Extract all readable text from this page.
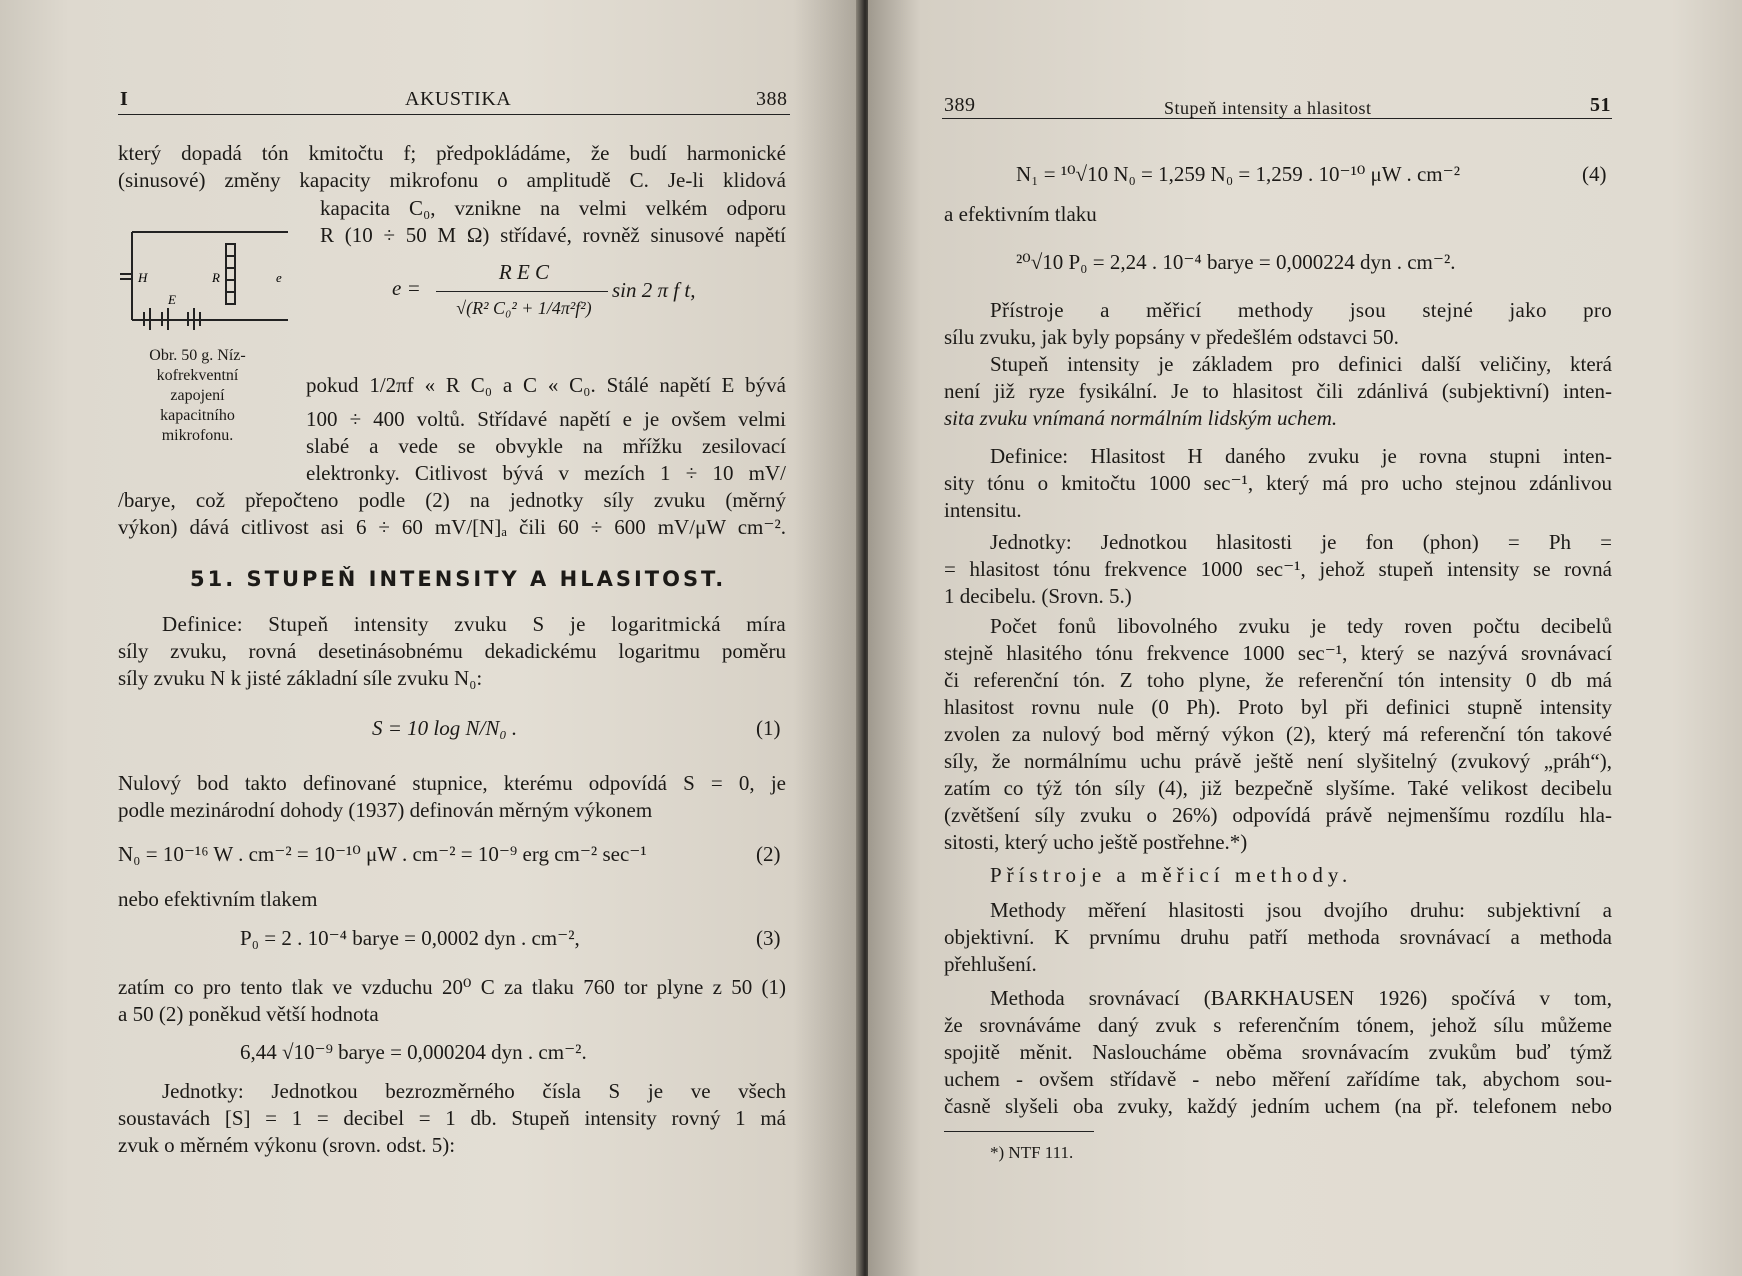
I	AKUSTIKA	388
který dopadá tón kmitočtu f; předpokládáme, že budí harmonické
(sinusové) změny kapacity mikrofonu o amplitudě C. Je-li klidová
kapacita C₀, vznikne na velmi velkém odporu
R (10 ÷ 50 M Ω) střídavé, rovněž sinusové napětí
H	R	e
E
Obr. 50 g. Níz-
kofrekventní
zapojení
kapacitního
mikrofonu.
e =
R E C
√(R² C₀² + 1/4π²f²)
sin 2 π f t,
pokud 1/2πf « R C₀ a C « C₀. Stálé napětí E bývá
100 ÷ 400 voltů. Střídavé napětí e je ovšem velmi
slabé a vede se obvykle na mřížku zesilovací
elektronky. Citlivost bývá v mezích 1 ÷ 10 mV/
/barye, což přepočteno podle (2) na jednotky síly zvuku (měrný
výkon) dává citlivost asi 6 ÷ 60 mV/[N]ₐ čili 60 ÷ 600 mV/μW cm⁻².
51. STUPEŇ INTENSITY A HLASITOST.
Definice: Stupeň intensity zvuku S je logaritmická míra
síly zvuku, rovná desetinásobnému dekadickému logaritmu poměru
síly zvuku N k jisté základní síle zvuku N₀:
S = 10 log N/N₀ .	(1)
Nulový bod takto definované stupnice, kterému odpovídá S = 0, je
podle mezinárodní dohody (1937) definován měrným výkonem
N₀ = 10⁻¹⁶ W . cm⁻² = 10⁻¹⁰ μW . cm⁻² = 10⁻⁹ erg cm⁻² sec⁻¹	(2)
nebo efektivním tlakem
P₀ = 2 . 10⁻⁴ barye = 0,0002 dyn . cm⁻²,	(3)
zatím co pro tento tlak ve vzduchu 20⁰ C za tlaku 760 tor plyne z 50 (1)
a 50 (2) poněkud větší hodnota
6,44 √10⁻⁹ barye = 0,000204 dyn . cm⁻².
Jednotky: Jednotkou bezrozměrného čísla S je ve všech
soustavách [S] = 1 = decibel = 1 db. Stupeň intensity rovný 1 má
zvuk o měrném výkonu (srovn. odst. 5):
389	Stupeň intensity a hlasitost	51
N₁ = ¹⁰√10 N₀ = 1,259 N₀ = 1,259 . 10⁻¹⁰ μW . cm⁻²	(4)
a efektivním tlaku
²⁰√10 P₀ = 2,24 . 10⁻⁴ barye = 0,000224 dyn . cm⁻².
Přístroje a měřicí methody jsou stejné jako pro
sílu zvuku, jak byly popsány v předešlém odstavci 50.
Stupeň intensity je základem pro definici další veličiny, která
není již ryze fysikální. Je to hlasitost čili zdánlivá (subjektivní) inten-
sita zvuku vnímaná normálním lidským uchem.
Definice: Hlasitost H daného zvuku je rovna stupni inten-
sity tónu o kmitočtu 1000 sec⁻¹, který má pro ucho stejnou zdánlivou
intensitu.
Jednotky: Jednotkou hlasitosti je fon (phon) = Ph =
= hlasitost tónu frekvence 1000 sec⁻¹, jehož stupeň intensity se rovná
1 decibelu. (Srovn. 5.)
Počet fonů libovolného zvuku je tedy roven počtu decibelů
stejně hlasitého tónu frekvence 1000 sec⁻¹, který se nazývá srovnávací
či referenční tón. Z toho plyne, že referenční tón intensity 0 db má
hlasitost rovnu nule (0 Ph). Proto byl při definici stupně intensity
zvolen za nulový bod měrný výkon (2), který má referenční tón takové
síly, že normálnímu uchu právě ještě není slyšitelný (zvukový „práh“),
zatím co týž tón síly (4), již bezpečně slyšíme. Také velikost decibelu
(zvětšení síly zvuku o 26%) odpovídá právě nejmenšímu rozdílu hla-
sitosti, který ucho ještě postřehne.*)
Přístroje a měřicí methody.
Methody měření hlasitosti jsou dvojího druhu: subjektivní a
objektivní. K prvnímu druhu patří methoda srovnávací a methoda
přehlušení.
Methoda srovnávací (BARKHAUSEN 1926) spočívá v tom,
že srovnáváme daný zvuk s referenčním tónem, jehož sílu můžeme
spojitě měnit. Nasloucháme oběma srovnávacím zvukům buď týmž
uchem - ovšem střídavě - nebo měření zařídíme tak, abychom sou-
časně slyšeli oba zvuky, každý jedním uchem (na př. telefonem nebo
*) NTF 111.
